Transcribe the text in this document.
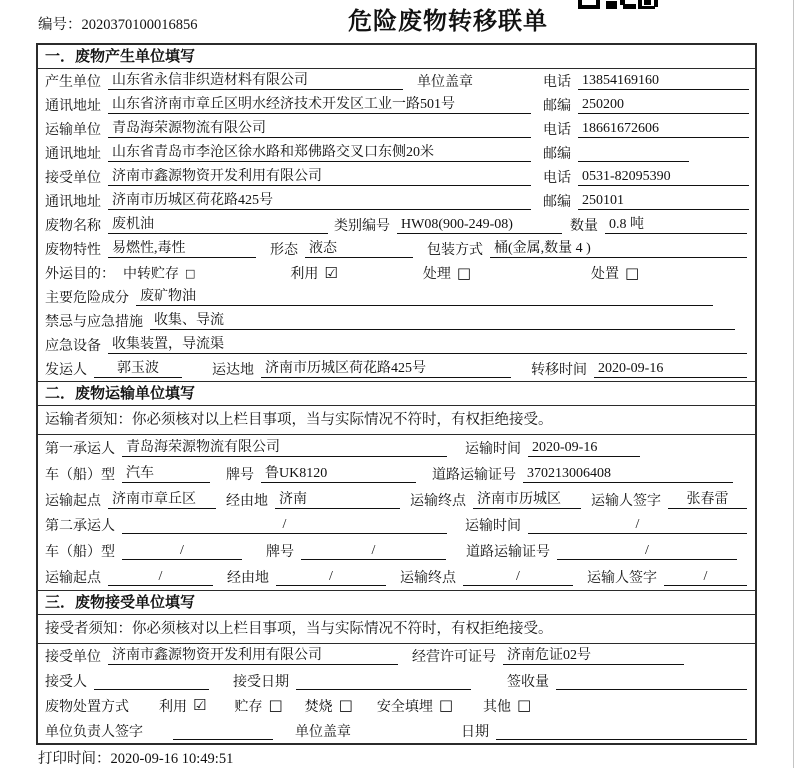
编号：2020370100016856	危险废物转移联单
一．废物产生单位填写
产生单位 山东省永信非织造材料有限公司	单位盖章	电话 13854169160
通讯地址 山东省济南市章丘区明水经济技术开发区工业一路501号	邮编 250200
运输单位 青岛海荣源物流有限公司	电话 18661672606
通讯地址 山东省青岛市李沧区徐水路和郑佛路交叉口东侧20米	邮编
接受单位 济南市鑫源物资开发利用有限公司	电话 0531-82095390
通讯地址 济南市历城区荷花路425号	邮编 250101
废物名称 废机油	类别编号 HW08(900-249-08)	数量 0.8 吨
废物特性 易燃性,毒性	形态 液态	包装方式 桶(金属,数量 4 )
外运目的： 中转贮存 □	利用 ☑	处理 □	处置 □
主要危险成分 废矿物油
禁忌与应急措施 收集、导流
应急设备 收集装置，导流渠
发运人	郭玉波	运达地 济南市历城区荷花路425号	转移时间 2020-09-16
二．废物运输单位填写
运输者须知：你必须核对以上栏目事项，当与实际情况不符时，有权拒绝接受。
第一承运人 青岛海荣源物流有限公司	运输时间 2020-09-16
车（船）型 汽车	牌号 鲁UK8120	道路运输证号 370213006408
运输起点 济南市章丘区	经由地 济南	运输终点 济南市历城区	运输人签字	张春雷
第二承运人	/	运输时间	/
车（船）型	/	牌号	/	道路运输证号	/
运输起点	/	经由地	/	运输终点	/	运输人签字	/
三．废物接受单位填写
接受者须知：你必须核对以上栏目事项，当与实际情况不符时，有权拒绝接受。
接受单位 济南市鑫源物资开发利用有限公司	经营许可证号 济南危证02号
接受人	接受日期	签收量
废物处置方式 利用 ☑ 贮存 □ 焚烧 □ 安全填埋 □ 其他 □
单位负责人签字	单位盖章	日期
打印时间：2020-09-16 10:49:51
